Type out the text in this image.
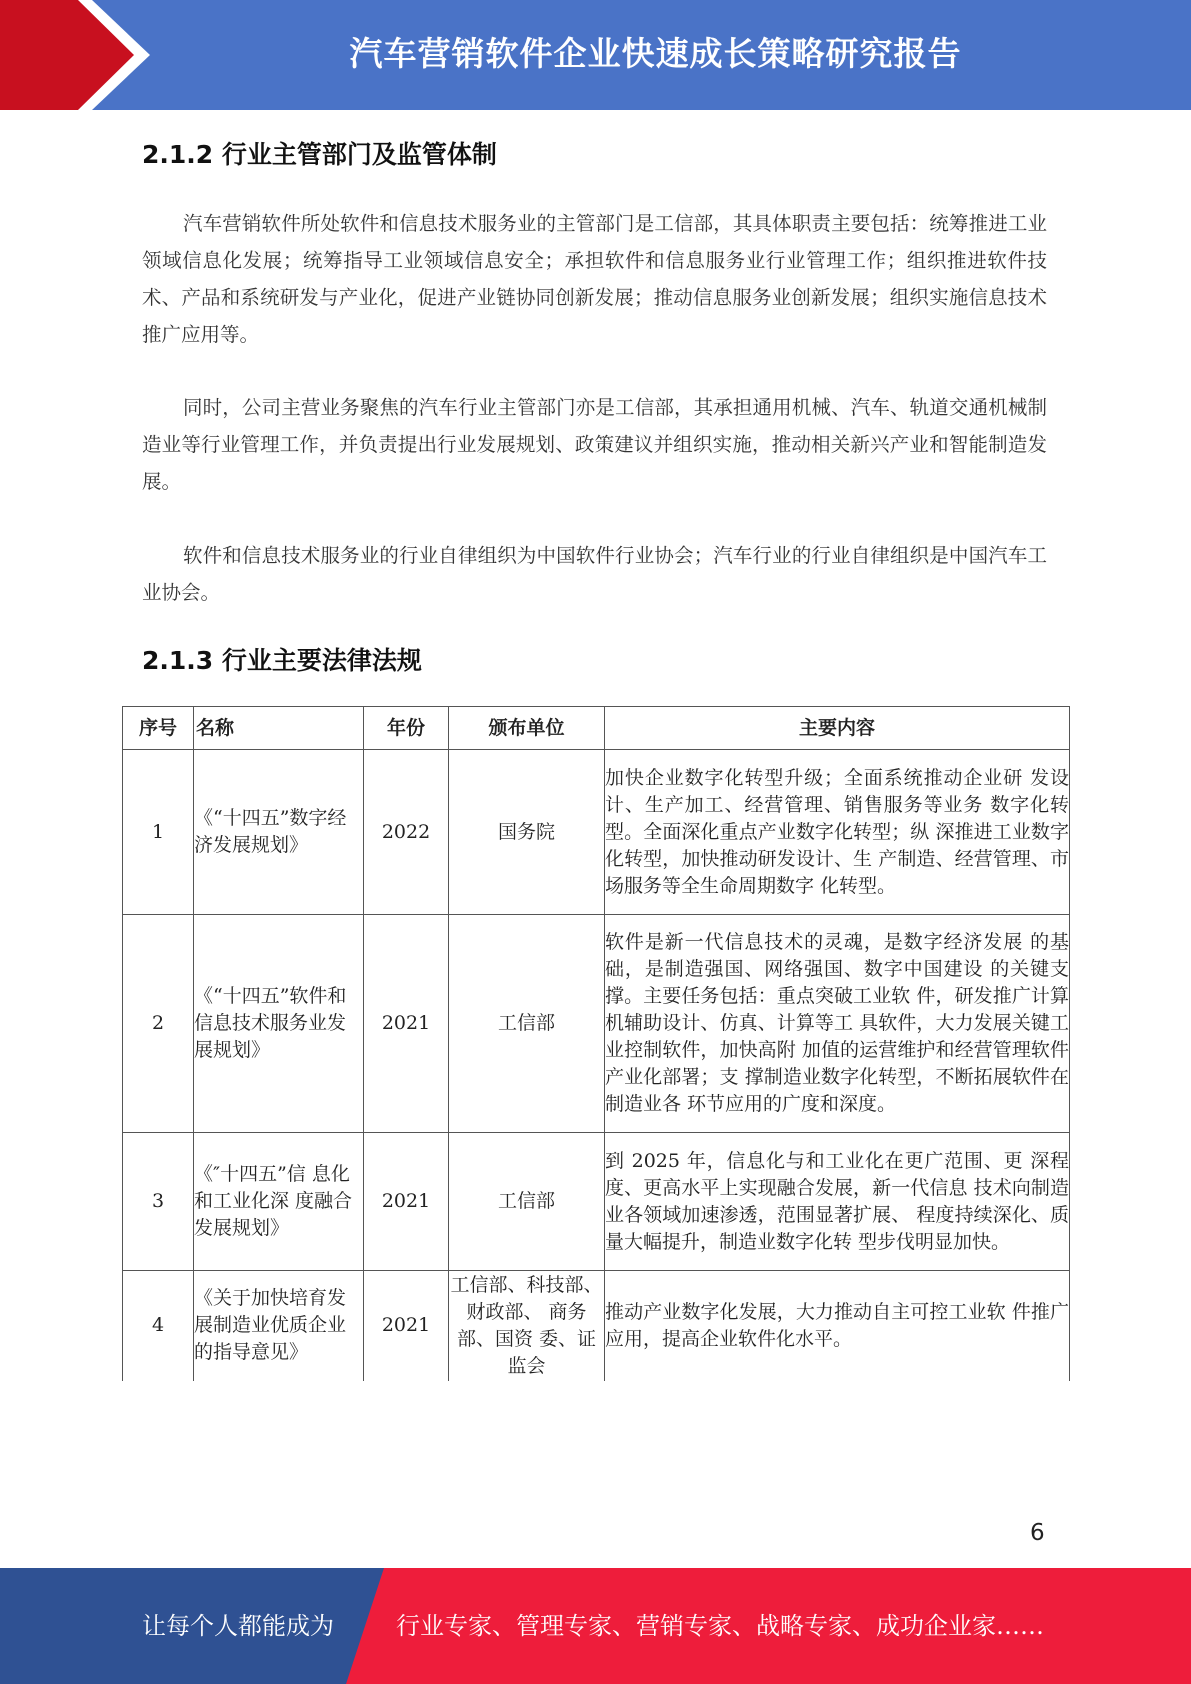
汽车营销软件企业快速成长策略研究报告
2.1.2 行业主管部门及监管体制

汽车营销软件所处软件和信息技术服务业的主管部门是工信部，其具体职责主要包括：统筹推进工业领域信息化发展；统筹指导工业领域信息安全；承担软件和信息服务业行业管理工作；组织推进软件技术、产品和系统研发与产业化，促进产业链协同创新发展；推动信息服务业创新发展；组织实施信息技术推广应用等。

同时，公司主营业务聚焦的汽车行业主管部门亦是工信部，其承担通用机械、汽车、轨道交通机械制造业等行业管理工作，并负责提出行业发展规划、政策建议并组织实施，推动相关新兴产业和智能制造发展。

软件和信息技术服务业的行业自律组织为中国软件行业协会；汽车行业的行业自律组织是中国汽车工业协会。

2.1.3 行业主要法律法规
序号	名称	年份	颁布单位	主要内容
1	《“十四五”数字经济发展规划》	2022	国务院	加快企业数字化转型升级；全面系统推动企业研 发设计、生产加工、经营管理、销售服务等业务 数字化转型。全面深化重点产业数字化转型；纵 深推进工业数字化转型，加快推动研发设计、生 产制造、经营管理、市场服务等全生命周期数字 化转型。
2	《“十四五”软件和信息技术服务业发展规划》	2021	工信部	软件是新一代信息技术的灵魂，是数字经济发展 的基础，是制造强国、网络强国、数字中国建设 的关键支撑。主要任务包括：重点突破工业软 件，研发推广计算机辅助设计、仿真、计算等工 具软件，大力发展关键工业控制软件，加快高附 加值的运营维护和经营管理软件产业化部署；支 撑制造业数字化转型，不断拓展软件在制造业各 环节应用的广度和深度。
3	《″十四五”信 息化和工业化深 度融合发展规划》	2021	工信部	到 2025 年，信息化与和工业化在更广范围、更 深程度、更高水平上实现融合发展，新一代信息 技术向制造业各领域加速渗透，范围显著扩展、 程度持续深化、质量大幅提升，制造业数字化转 型步伐明显加快。
4	《关于加快培育发展制造业优质企业的指导意见》	2021	工信部、科技部、财政部、 商务部、国资 委、证监会	推动产业数字化发展，大力推动自主可控工业软 件推广应用，提高企业软件化水平。
6
让每个人都能成为	行业专家、管理专家、营销专家、战略专家、成功企业家……
